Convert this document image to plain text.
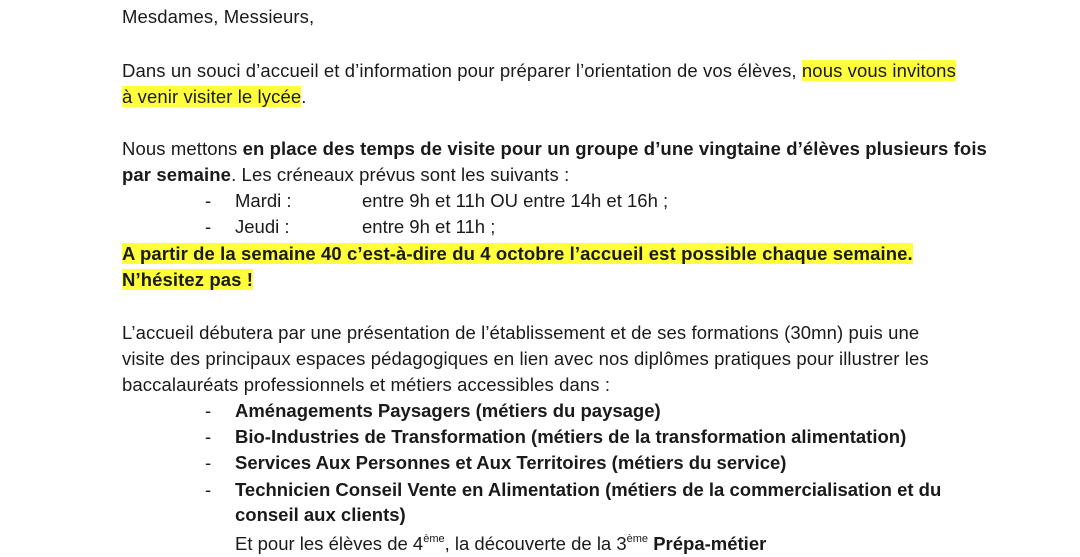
Mesdames, Messieurs,
Dans un souci d’accueil et d’information pour préparer l’orientation de vos élèves, nous vous invitons
à venir visiter le lycée.
Nous mettons en place des temps de visite pour un groupe d’une vingtaine d’élèves plusieurs fois
par semaine. Les créneaux prévus sont les suivants :
- Mardi :	entre 9h et 11h OU entre 14h et 16h ;
- Jeudi :	entre 9h et 11h ;
A partir de la semaine 40 c’est-à-dire du 4 octobre l’accueil est possible chaque semaine.
N’hésitez pas !
L’accueil débutera par une présentation de l’établissement et de ses formations (30mn) puis une
visite des principaux espaces pédagogiques en lien avec nos diplômes pratiques pour illustrer les
baccalauréats professionnels et métiers accessibles dans :
- Aménagements Paysagers (métiers du paysage)
- Bio-Industries de Transformation (métiers de la transformation alimentation)
- Services Aux Personnes et Aux Territoires (métiers du service)
- Technicien Conseil Vente en Alimentation (métiers de la commercialisation et du
conseil aux clients)
Et pour les élèves de 4ème, la découverte de la 3ème Prépa-métier
